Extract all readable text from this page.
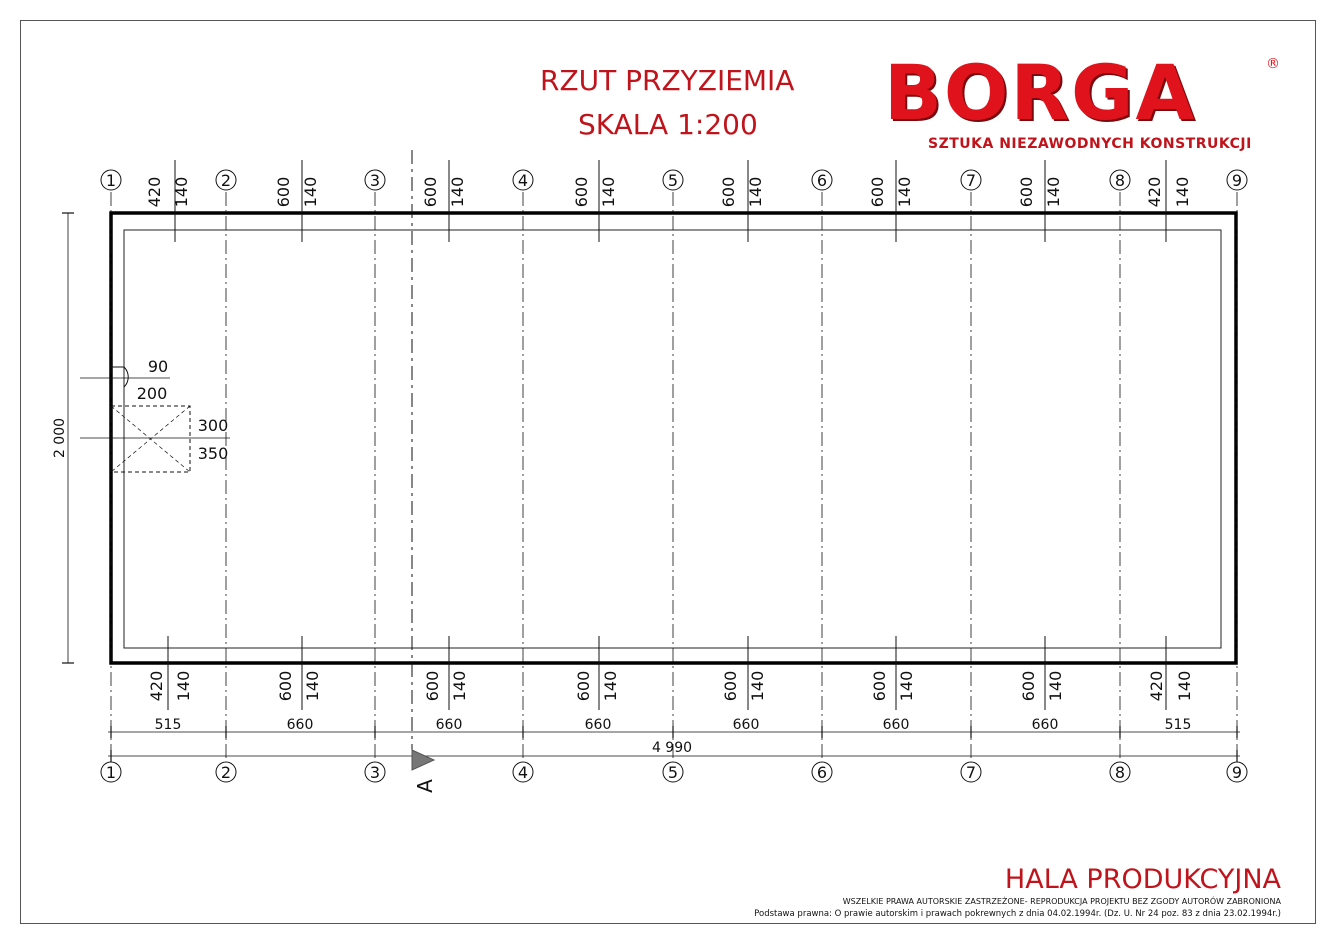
RZUT PRZYZIEMIA
SKALA 1:200 BORGA	®
SZTUKA NIEZAWODNYCH KONSTRUKCJI
1
1
2
2
3
3
4
4
5
5
6
6
7
7
8
8
9
9
420 140
420 140
600 140
600 140
600 140
600 140
600 140
600 140
600 140
600 140
600 140
600 140
600 140
600 140
420 140
420 140
515	660	660	660	660	660	660	515
4 990
2 000
90
200
300
350
A
HALA PRODUKCYJNA
WSZELKIE PRAWA AUTORSKIE ZASTRZEŻONE- REPRODUKCJA PROJEKTU BEZ ZGODY AUTORÓW ZABRONIONA
Podstawa prawna: O prawie autorskim i prawach pokrewnych z dnia 04.02.1994r. (Dz. U. Nr 24 poz. 83 z dnia 23.02.1994r.)
